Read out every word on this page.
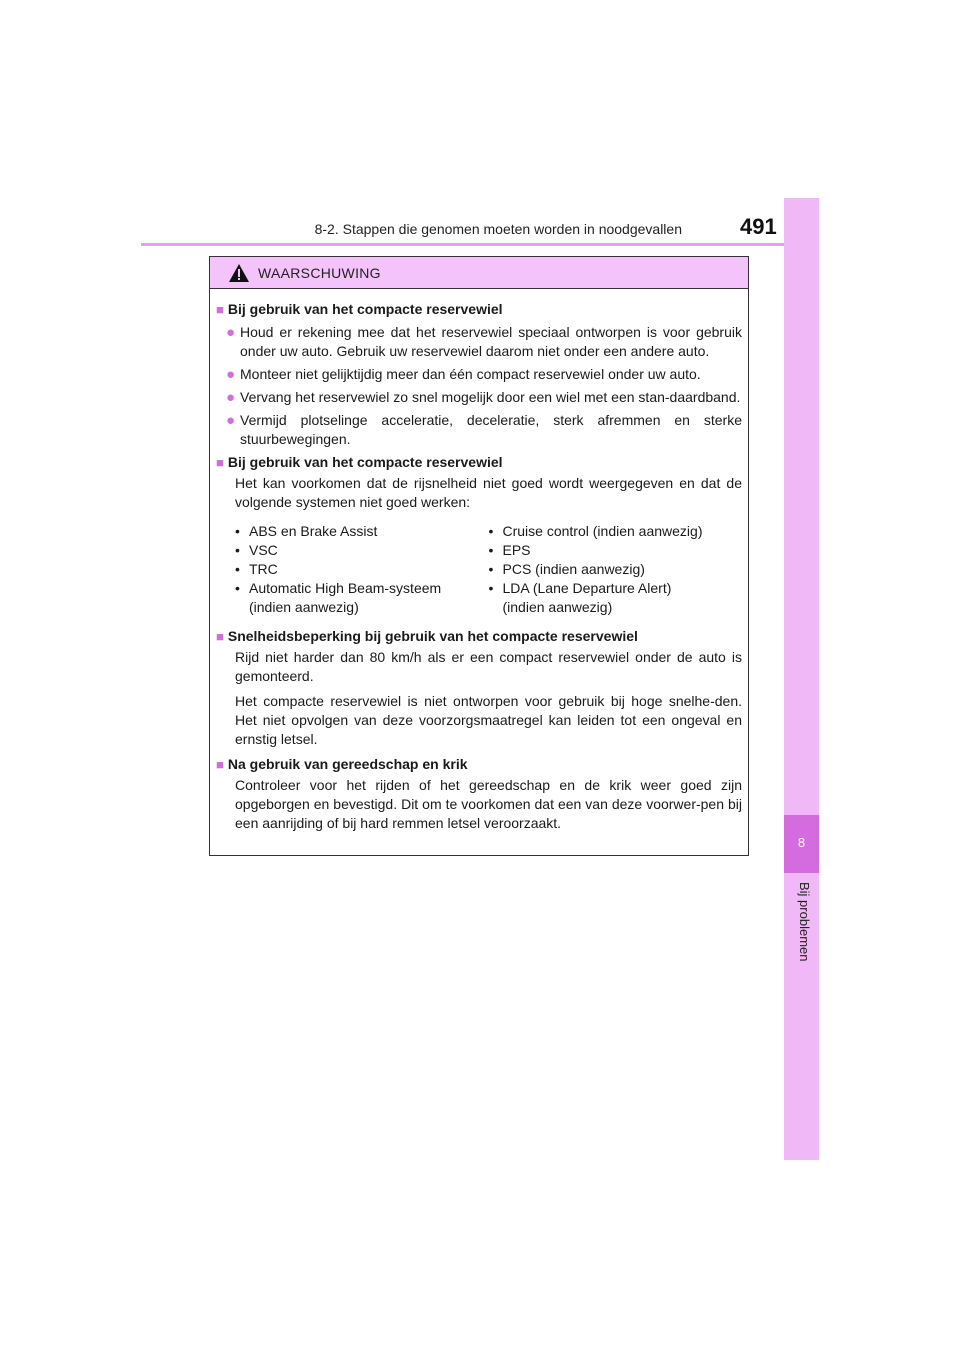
8-2. Stappen die genomen moeten worden in noodgevallen	491
8
Bij problemen
WAARSCHUWING
■ Bij gebruik van het compacte reservewiel
● Houd er rekening mee dat het reservewiel speciaal ontworpen is voor gebruik onder uw auto. Gebruik uw reservewiel daarom niet onder een andere auto.
● Monteer niet gelijktijdig meer dan één compact reservewiel onder uw auto.
● Vervang het reservewiel zo snel mogelijk door een wiel met een stan-daardband.
● Vermijd plotselinge acceleratie, deceleratie, sterk afremmen en sterke stuurbewegingen.
■ Bij gebruik van het compacte reservewiel
Het kan voorkomen dat de rijsnelheid niet goed wordt weergegeven en dat de volgende systemen niet goed werken:
• ABS en Brake Assist
• VSC
• TRC
• Automatic High Beam-systeem (indien aanwezig)
• Cruise control (indien aanwezig)
• EPS
• PCS (indien aanwezig)
• LDA (Lane Departure Alert) (indien aanwezig)
■ Snelheidsbeperking bij gebruik van het compacte reservewiel
Rijd niet harder dan 80 km/h als er een compact reservewiel onder de auto is gemonteerd.
Het compacte reservewiel is niet ontworpen voor gebruik bij hoge snelhe-den. Het niet opvolgen van deze voorzorgsmaatregel kan leiden tot een ongeval en ernstig letsel.
■ Na gebruik van gereedschap en krik
Controleer voor het rijden of het gereedschap en de krik weer goed zijn opgeborgen en bevestigd. Dit om te voorkomen dat een van deze voorwer-pen bij een aanrijding of bij hard remmen letsel veroorzaakt.
